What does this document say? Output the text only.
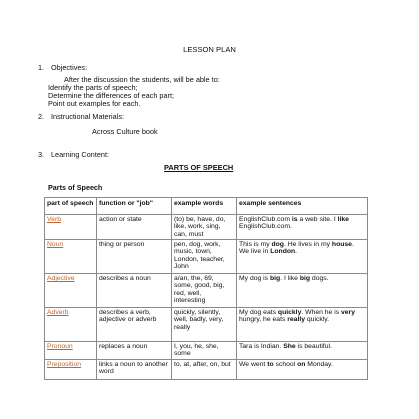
LESSON PLAN
1. Objectives:
After the discussion the students, will be able to:
Identify the parts of speech;
Determine the differences of each part;
Point out examples for each.
2. Instructional Materials:
Across Culture book
3. Learning Content:
PARTS OF SPEECH
Parts of Speech
part of speech	function or "job"	example words	example sentences
Verb	action or state	(to) be, have, do, like, work, sing, can, must	EnglishClub.com is a web site. I like EnglishClub.com.
Noun	thing or person	pen, dog, work, music, town, London, teacher, John	This is my dog. He lives in my house. We live in London.
Adjective	describes a noun	a/an, the, 69, some, good, big, red, well, interesting	My dog is big. I like big dogs.
Adverb	describes a verb, adjective or adverb	quickly, silently, well, badly, very, really	My dog eats quickly. When he is very hungry, he eats really quickly.
Pronoun	replaces a noun	I, you, he, she, some	Tara is Indian. She is beautiful.
Preposition	links a noun to another word	to, at, after, on, but	We went to school on Monday.
